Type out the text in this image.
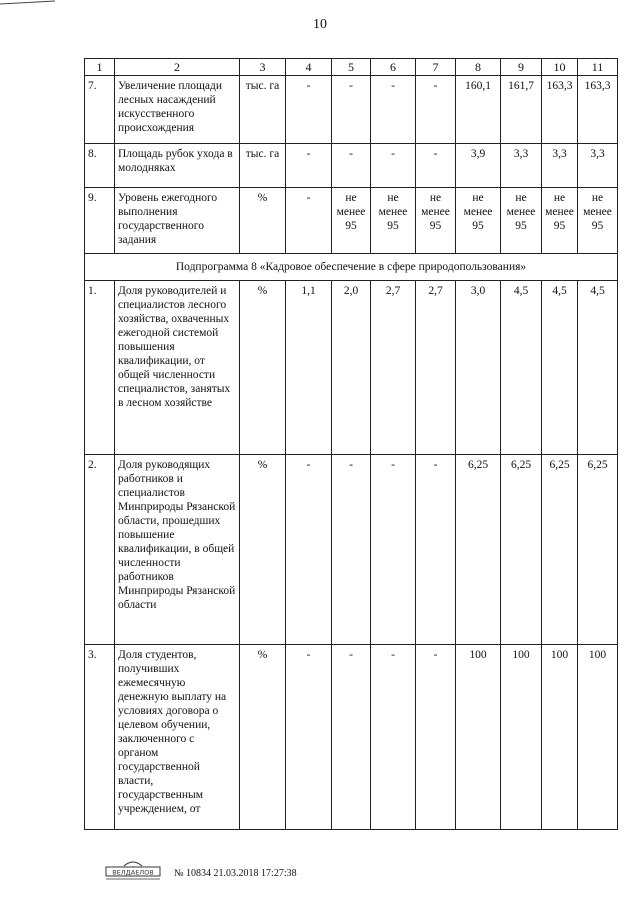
10
1	2	3	4	5	6	7	8	9	10	11
7.	Увеличение площади лесных насаждений искусственного происхождения	тыс. га	-	-	-	-	160,1	161,7	163,3	163,3
8.	Площадь рубок ухода в молодняках	тыс. га	-	-	-	-	3,9	3,3	3,3	3,3
9.	Уровень ежегодного выполнения государственного задания	%	-	не менее 95	не менее 95	не менее 95	не менее 95	не менее 95	не менее 95	не менее 95
Подпрограмма 8 «Кадровое обеспечение в сфере природопользования»										
1.	Доля руководителей и специалистов лесного хозяйства, охваченных ежегодной системой повышения квалификации, от общей численности специалистов, занятых в лесном хозяйстве	%	1,1	2,0	2,7	2,7	3,0	4,5	4,5	4,5
2.	Доля руководящих работников и специалистов Минприроды Рязанской области, прошедших повышение квалификации, в общей численности работников Минприроды Рязанской области	%	-	-	-	-	6,25	6,25	6,25	6,25
3.	Доля студентов, получивших ежемесячную денежную выплату на условиях договора о целевом обучении, заключенного с органом государственной власти, государственным учреждением, от	%	-	-	-	-	100	100	100	100
ВЕЛДАЕЛОВ № 10834 21.03.2018 17:27:38
